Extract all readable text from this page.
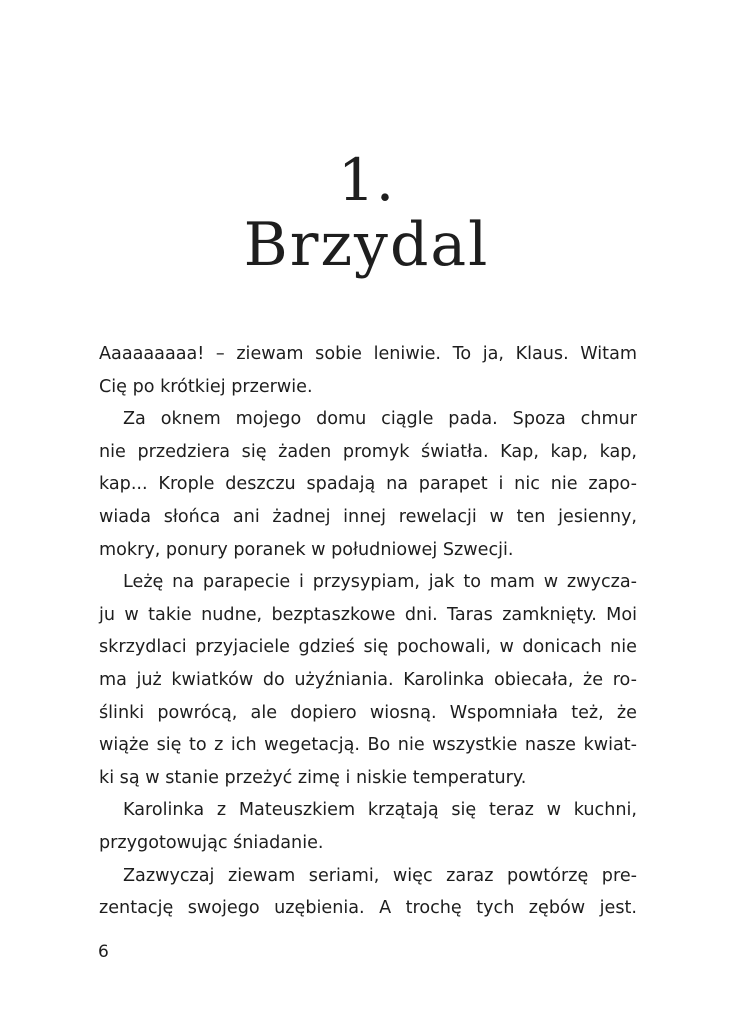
1.
Brzydal
Aaaaaaaaa! – ziewam sobie leniwie. To ja, Klaus. Witam
Cię po krótkiej przerwie.
Za oknem mojego domu ciągle pada. Spoza chmur
nie przedziera się żaden promyk światła. Kap, kap, kap,
kap... Krople deszczu spadają na parapet i nic nie zapo-
wiada słońca ani żadnej innej rewelacji w ten jesienny,
mokry, ponury poranek w południowej Szwecji.
Leżę na parapecie i przysypiam, jak to mam w zwycza-
ju w takie nudne, bezptaszkowe dni. Taras zamknięty. Moi
skrzydlaci przyjaciele gdzieś się pochowali, w donicach nie
ma już kwiatków do użyźniania. Karolinka obiecała, że ro-
ślinki powrócą, ale dopiero wiosną. Wspomniała też, że
wiąże się to z ich wegetacją. Bo nie wszystkie nasze kwiat-
ki są w stanie przeżyć zimę i niskie temperatury.
Karolinka z Mateuszkiem krzątają się teraz w kuchni,
przygotowując śniadanie.
Zazwyczaj ziewam seriami, więc zaraz powtórzę pre-
zentację swojego uzębienia. A trochę tych zębów jest.
6
